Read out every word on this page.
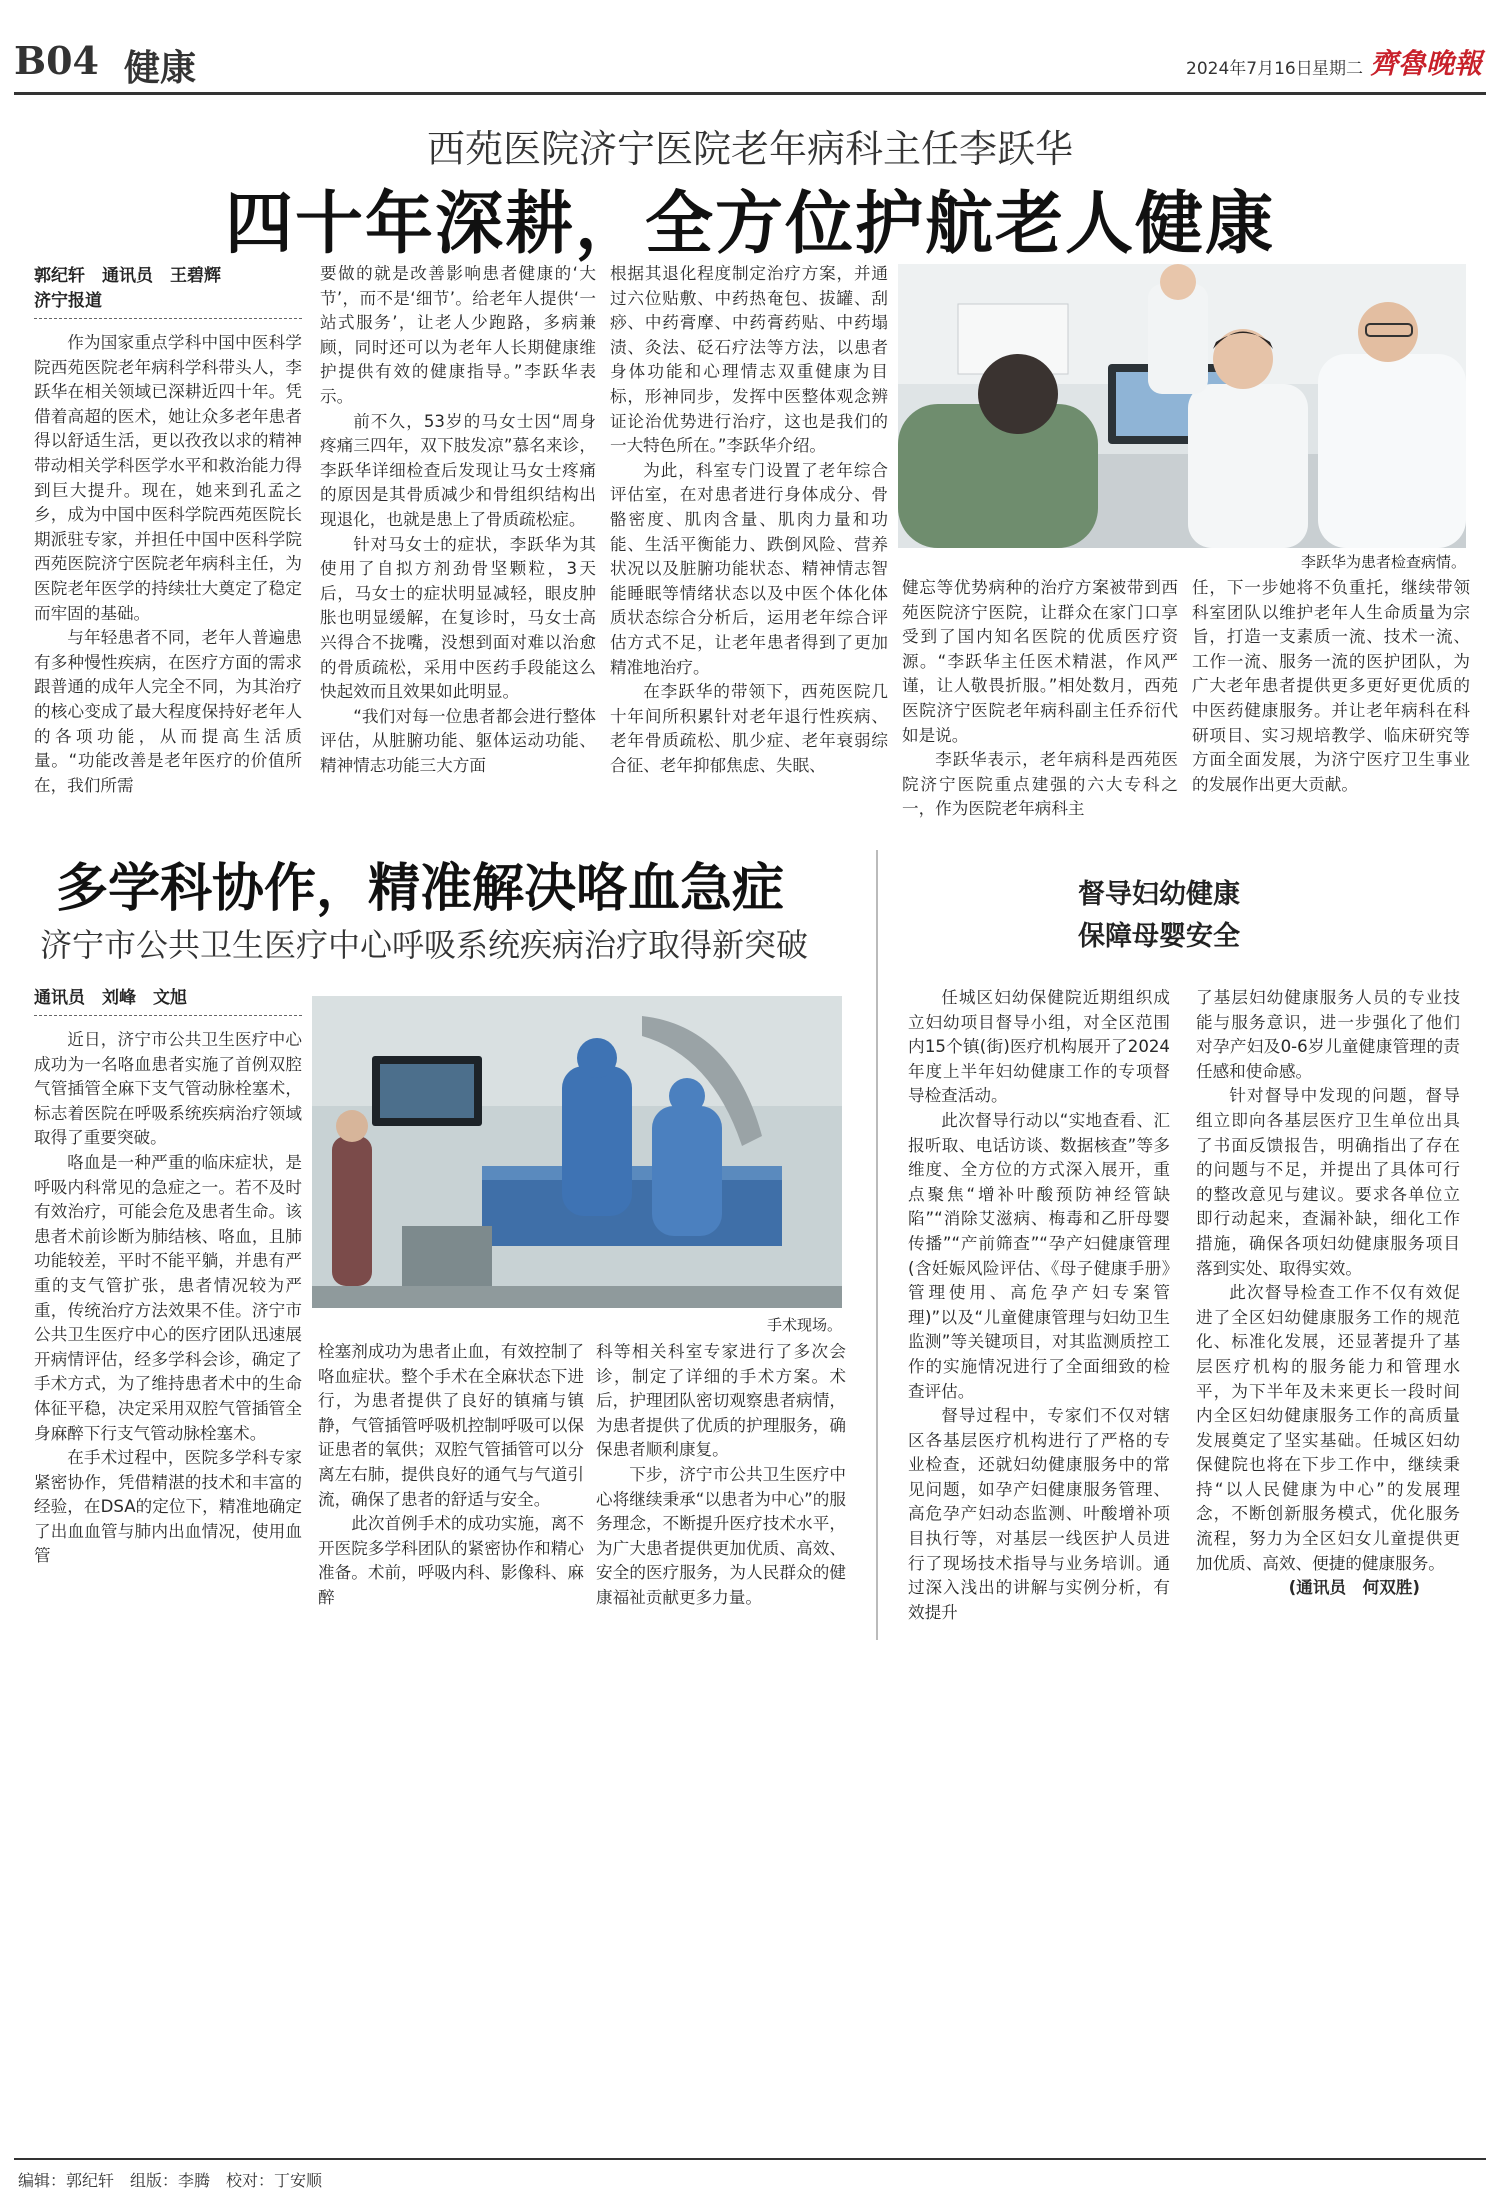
B04 健康	2024年7月16日 星期二 齊魯晚報
西苑医院济宁医院老年病科主任李跃华
四十年深耕，全方位护航老人健康
郭纪轩　通讯员　王碧辉
济宁报道

作为国家重点学科中国中医科学院西苑医院老年病科学科带头人，李跃华在相关领域已深耕近四十年。凭借着高超的医术，她让众多老年患者得以舒适生活，更以孜孜以求的精神带动相关学科医学水平和救治能力得到巨大提升。现在，她来到孔孟之乡，成为中国中医科学院西苑医院长期派驻专家，并担任中国中医科学院西苑医院济宁医院老年病科主任，为医院老年医学的持续壮大奠定了稳定而牢固的基础。

与年轻患者不同，老年人普遍患有多种慢性疾病，在医疗方面的需求跟普通的成年人完全不同，为其治疗的核心变成了最大程度保持好老年人的各项功能，从而提高生活质量。“功能改善是老年医疗的价值所在，我们所需

要做的就是改善影响患者健康的‘大节’，而不是‘细节’。给老年人提供‘一站式服务’，让老人少跑路，多病兼顾，同时还可以为老年人长期健康维护提供有效的健康指导。”李跃华表示。

前不久，53岁的马女士因“周身疼痛三四年，双下肢发凉”慕名来诊，李跃华详细检查后发现让马女士疼痛的原因是其骨质减少和骨组织结构出现退化，也就是患上了骨质疏松症。

针对马女士的症状，李跃华为其使用了自拟方剂劲骨坚颗粒，3天后，马女士的症状明显减轻，眼皮肿胀也明显缓解，在复诊时，马女士高兴得合不拢嘴，没想到面对难以治愈的骨质疏松，采用中医药手段能这么快起效而且效果如此明显。

“我们对每一位患者都会进行整体评估，从脏腑功能、躯体运动功能、精神情志功能三大方面

根据其退化程度制定治疗方案，并通过六位贴敷、中药热奄包、拔罐、刮痧、中药膏摩、中药膏药贴、中药塌渍、灸法、砭石疗法等方法，以患者身体功能和心理情志双重健康为目标，形神同步，发挥中医整体观念辨证论治优势进行治疗，这也是我们的一大特色所在。”李跃华介绍。

为此，科室专门设置了老年综合评估室，在对患者进行身体成分、骨骼密度、肌肉含量、肌肉力量和功能、生活平衡能力、跌倒风险、营养状况以及脏腑功能状态、精神情志智能睡眠等情绪状态以及中医个体化体质状态综合分析后，运用老年综合评估方式不足，让老年患者得到了更加精准地治疗。

在李跃华的带领下，西苑医院几十年间所积累针对老年退行性疾病、老年骨质疏松、肌少症、老年衰弱综合征、老年抑郁焦虑、失眠、

李跃华为患者检查病情。

健忘等优势病种的治疗方案被带到西苑医院济宁医院，让群众在家门口享受到了国内知名医院的优质医疗资源。“李跃华主任医术精湛，作风严谨，让人敬畏折服。”相处数月，西苑医院济宁医院老年病科副主任乔衍代如是说。

李跃华表示，老年病科是西苑医院济宁医院重点建强的六大专科之一，作为医院老年病科主

任，下一步她将不负重托，继续带领科室团队以维护老年人生命质量为宗旨，打造一支素质一流、技术一流、工作一流、服务一流的医护团队，为广大老年患者提供更多更好更优质的中医药健康服务。并让老年病科在科研项目、实习规培教学、临床研究等方面全面发展，为济宁医疗卫生事业的发展作出更大贡献。

多学科协作，精准解决咯血急症
济宁市公共卫生医疗中心呼吸系统疾病治疗取得新突破
通讯员　刘峰　文旭

近日，济宁市公共卫生医疗中心成功为一名咯血患者实施了首例双腔气管插管全麻下支气管动脉栓塞术，标志着医院在呼吸系统疾病治疗领域取得了重要突破。

咯血是一种严重的临床症状，是呼吸内科常见的急症之一。若不及时有效治疗，可能会危及患者生命。该患者术前诊断为肺结核、咯血，且肺功能较差，平时不能平躺，并患有严重的支气管扩张，患者情况较为严重，传统治疗方法效果不佳。济宁市公共卫生医疗中心的医疗团队迅速展开病情评估，经多学科会诊，确定了手术方式，为了维持患者术中的生命体征平稳，决定采用双腔气管插管全身麻醉下行支气管动脉栓塞术。

在手术过程中，医院多学科专家紧密协作，凭借精湛的技术和丰富的经验，在DSA的定位下，精准地确定了出血血管与肺内出血情况，使用血管

手术现场。

栓塞剂成功为患者止血，有效控制了咯血症状。整个手术在全麻状态下进行，为患者提供了良好的镇痛与镇静，气管插管呼吸机控制呼吸可以保证患者的氧供；双腔气管插管可以分离左右肺，提供良好的通气与气道引流，确保了患者的舒适与安全。

此次首例手术的成功实施，离不开医院多学科团队的紧密协作和精心准备。术前，呼吸内科、影像科、麻醉

科等相关科室专家进行了多次会诊，制定了详细的手术方案。术后，护理团队密切观察患者病情，为患者提供了优质的护理服务，确保患者顺利康复。

下步，济宁市公共卫生医疗中心将继续秉承“以患者为中心”的服务理念，不断提升医疗技术水平，为广大患者提供更加优质、高效、安全的医疗服务，为人民群众的健康福祉贡献更多力量。

督导妇幼健康
保障母婴安全

任城区妇幼保健院近期组织成立妇幼项目督导小组，对全区范围内15个镇(街)医疗机构展开了2024年度上半年妇幼健康工作的专项督导检查活动。

此次督导行动以“实地查看、汇报听取、电话访谈、数据核查”等多维度、全方位的方式深入展开，重点聚焦“增补叶酸预防神经管缺陷”“消除艾滋病、梅毒和乙肝母婴传播”“产前筛查”“孕产妇健康管理(含妊娠风险评估、《母子健康手册》管理使用、高危孕产妇专案管理)”以及“儿童健康管理与妇幼卫生监测”等关键项目，对其监测质控工作的实施情况进行了全面细致的检查评估。

督导过程中，专家们不仅对辖区各基层医疗机构进行了严格的专业检查，还就妇幼健康服务中的常见问题，如孕产妇健康服务管理、高危孕产妇动态监测、叶酸增补项目执行等，对基层一线医护人员进行了现场技术指导与业务培训。通过深入浅出的讲解与实例分析，有效提升

了基层妇幼健康服务人员的专业技能与服务意识，进一步强化了他们对孕产妇及0-6岁儿童健康管理的责任感和使命感。

针对督导中发现的问题，督导组立即向各基层医疗卫生单位出具了书面反馈报告，明确指出了存在的问题与不足，并提出了具体可行的整改意见与建议。要求各单位立即行动起来，查漏补缺，细化工作措施，确保各项妇幼健康服务项目落到实处、取得实效。

此次督导检查工作不仅有效促进了全区妇幼健康服务工作的规范化、标准化发展，还显著提升了基层医疗机构的服务能力和管理水平，为下半年及未来更长一段时间内全区妇幼健康服务工作的高质量发展奠定了坚实基础。任城区妇幼保健院也将在下步工作中，继续秉持“以人民健康为中心”的发展理念，不断创新服务模式，优化服务流程，努力为全区妇女儿童提供更加优质、高效、便捷的健康服务。

(通讯员　何双胜)

编辑：郭纪轩　组版：李腾　校对：丁安顺
